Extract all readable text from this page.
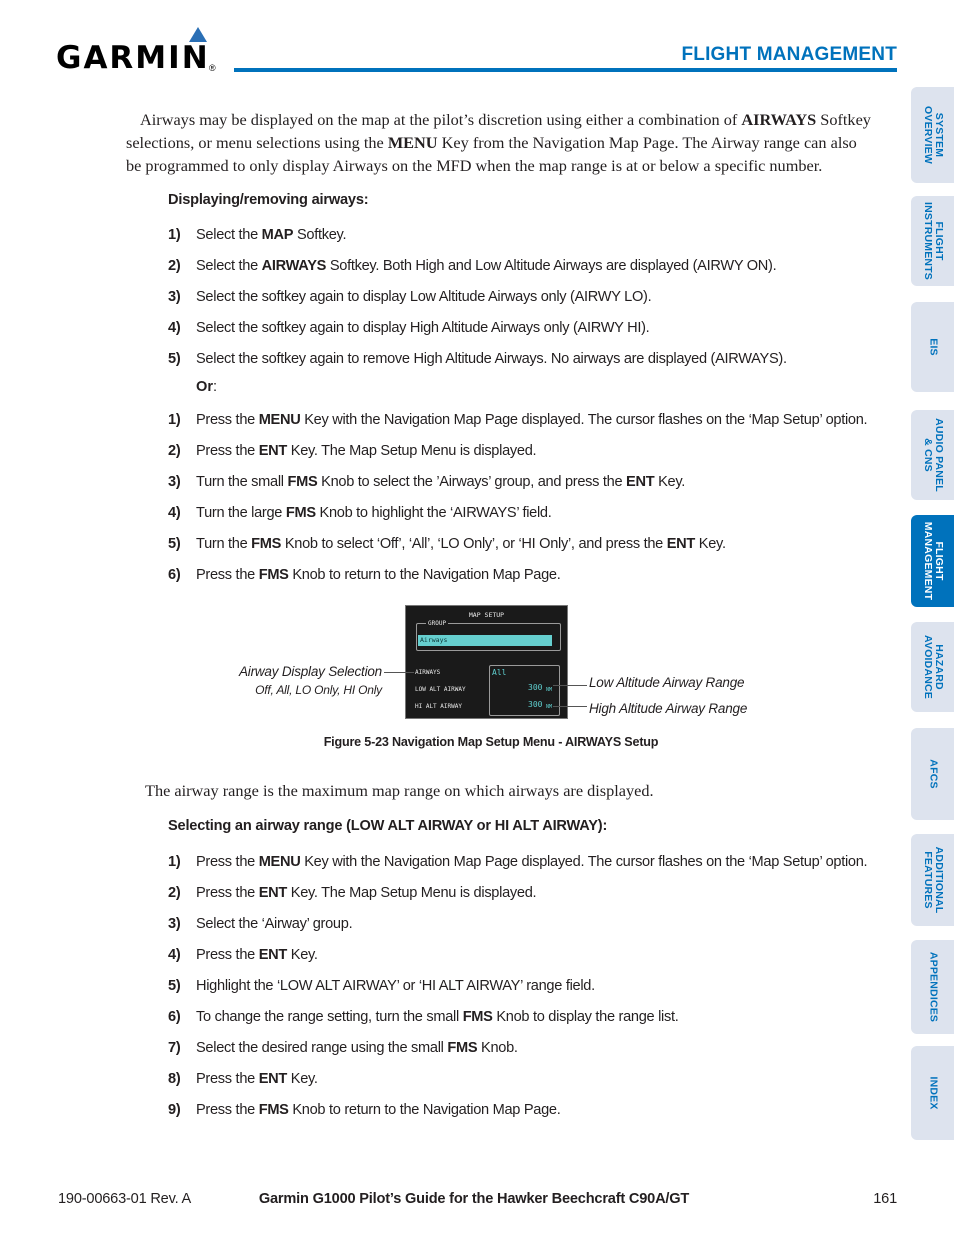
GARMIN ®
FLIGHT MANAGEMENT

Airways may be displayed on the map at the pilot’s discretion using either a combination of AIRWAYS Softkey selections, or menu selections using the MENU Key from the Navigation Map Page. The Airway range can also be programmed to only display Airways on the MFD when the map range is at or below a specific number.

Displaying/removing airways:
1) Select the MAP Softkey.
2) Select the AIRWAYS Softkey. Both High and Low Altitude Airways are displayed (AIRWY ON).
3) Select the softkey again to display Low Altitude Airways only (AIRWY LO).
4) Select the softkey again to display High Altitude Airways only (AIRWY HI).
5) Select the softkey again to remove High Altitude Airways. No airways are displayed (AIRWAYS).
Or:
1) Press the MENU Key with the Navigation Map Page displayed. The cursor flashes on the ‘Map Setup’ option.
2) Press the ENT Key. The Map Setup Menu is displayed.
3) Turn the small FMS Knob to select the ’Airways’ group, and press the ENT Key.
4) Turn the large FMS Knob to highlight the ‘AIRWAYS’ field.
5) Turn the FMS Knob to select ‘Off’, ‘All’, ‘LO Only’, or ‘HI Only’, and press the ENT Key.
6) Press the FMS Knob to return to the Navigation Map Page.
MAP SETUP
GROUP
Airways
AIRWAYS
LOW ALT AIRWAY
HI ALT AIRWAY
All
300 NM
300 NM
Airway Display Selection
Off, All, LO Only, HI Only	Low Altitude Airway Range
High Altitude Airway Range
Figure 5-23 Navigation Map Setup Menu - AIRWAYS Setup
The airway range is the maximum map range on which airways are displayed.
Selecting an airway range (LOW ALT AIRWAY or HI ALT AIRWAY):
1) Press the MENU Key with the Navigation Map Page displayed. The cursor flashes on the ‘Map Setup’ option.
2) Press the ENT Key. The Map Setup Menu is displayed.
3) Select the ‘Airway’ group.
4) Press the ENT Key.
5) Highlight the ‘LOW ALT AIRWAY’ or ‘HI ALT AIRWAY’ range field.
6) To change the range setting, turn the small FMS Knob to display the range list.
7) Select the desired range using the small FMS Knob.
8) Press the ENT Key.
9) Press the FMS Knob to return to the Navigation Map Page.
SYSTEM
OVERVIEW
FLIGHT
INSTRUMENTS
EIS
AUDIO PANEL
& CNS
FLIGHT
MANAGEMENT
HAZARD
AVOIDANCE
AFCS
ADDITIONAL
FEATURES
APPENDICES
INDEX
190-00663-01 Rev. A	Garmin G1000 Pilot’s Guide for the Hawker Beechcraft C90A/GT	161
